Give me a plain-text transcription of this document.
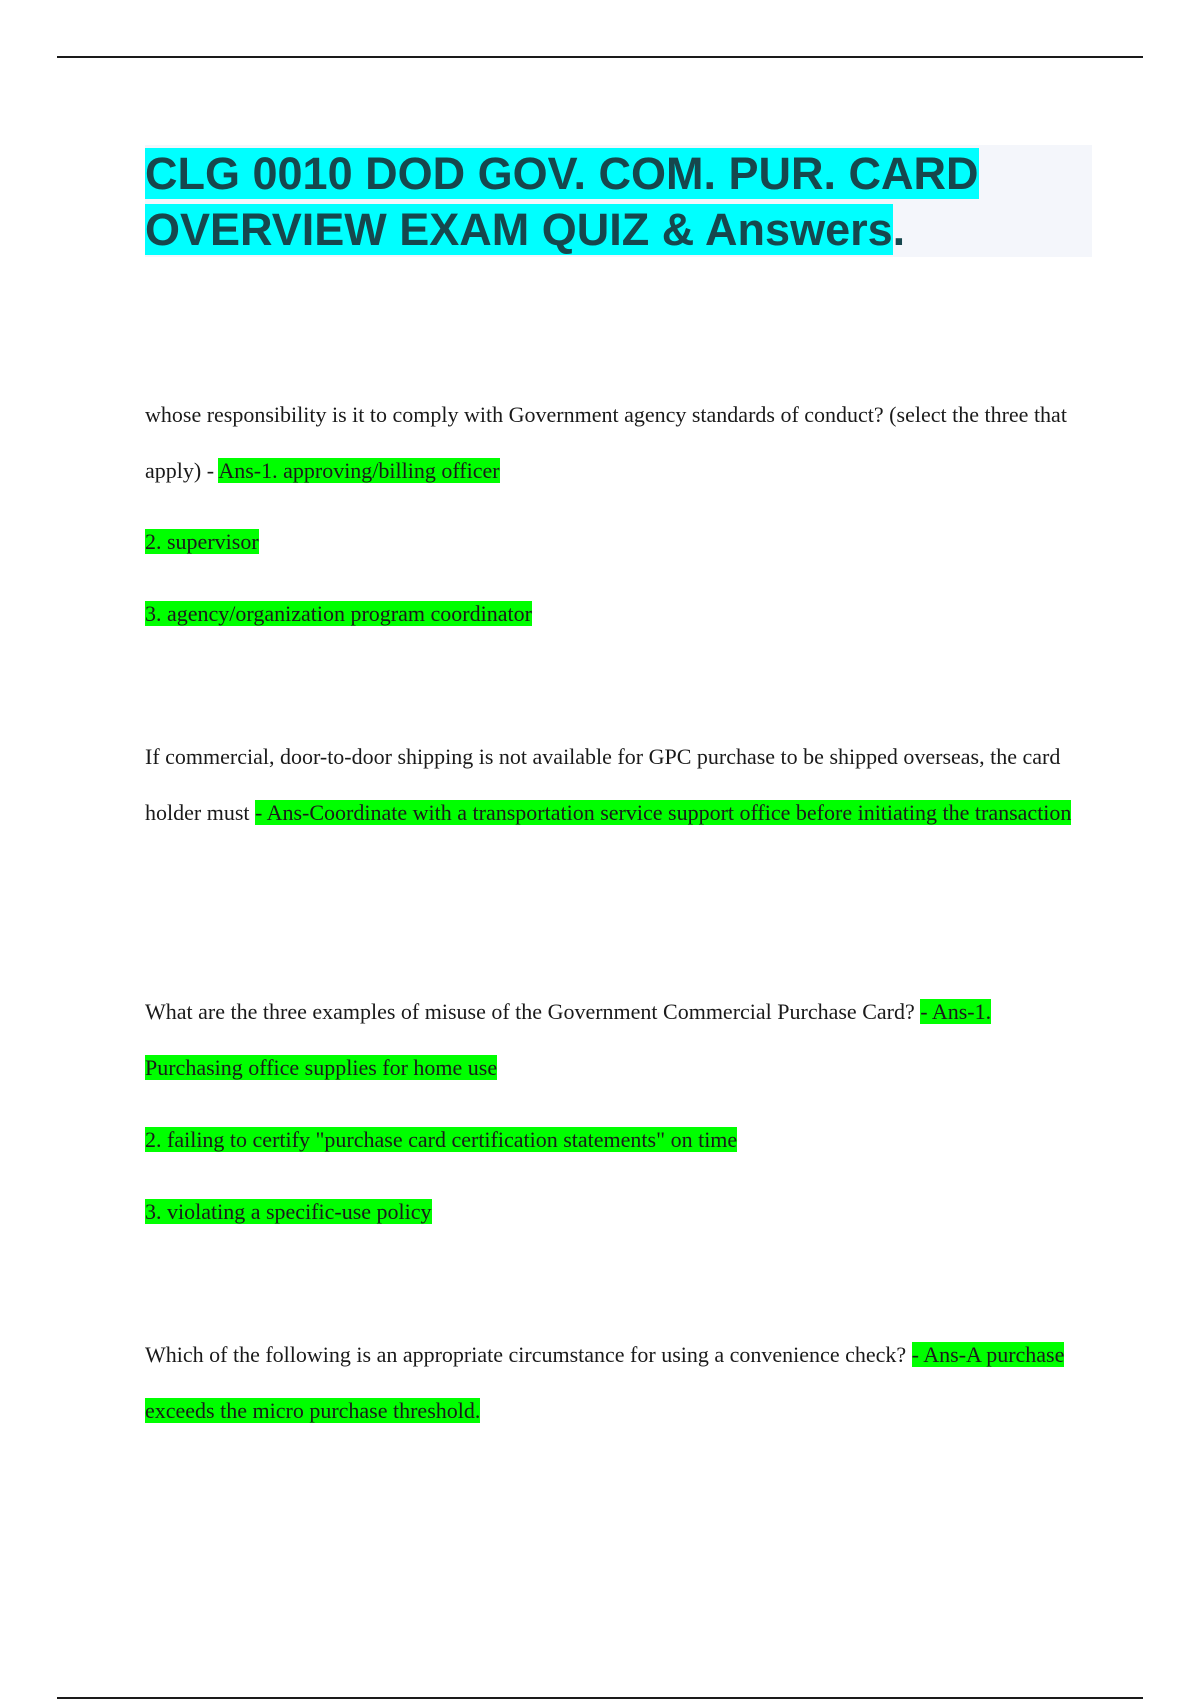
CLG 0010 DOD GOV. COM. PUR. CARD OVERVIEW EXAM QUIZ & Answers.

whose responsibility is it to comply with Government agency standards of conduct? (select the three that apply) - Ans-1. approving/billing officer

2. supervisor

3. agency/organization program coordinator

If commercial, door-to-door shipping is not available for GPC purchase to be shipped overseas, the card holder must - Ans-Coordinate with a transportation service support office before initiating the transaction

What are the three examples of misuse of the Government Commercial Purchase Card? - Ans-1. Purchasing office supplies for home use

2. failing to certify "purchase card certification statements" on time

3. violating a specific-use policy

Which of the following is an appropriate circumstance for using a convenience check? - Ans-A purchase exceeds the micro purchase threshold.
